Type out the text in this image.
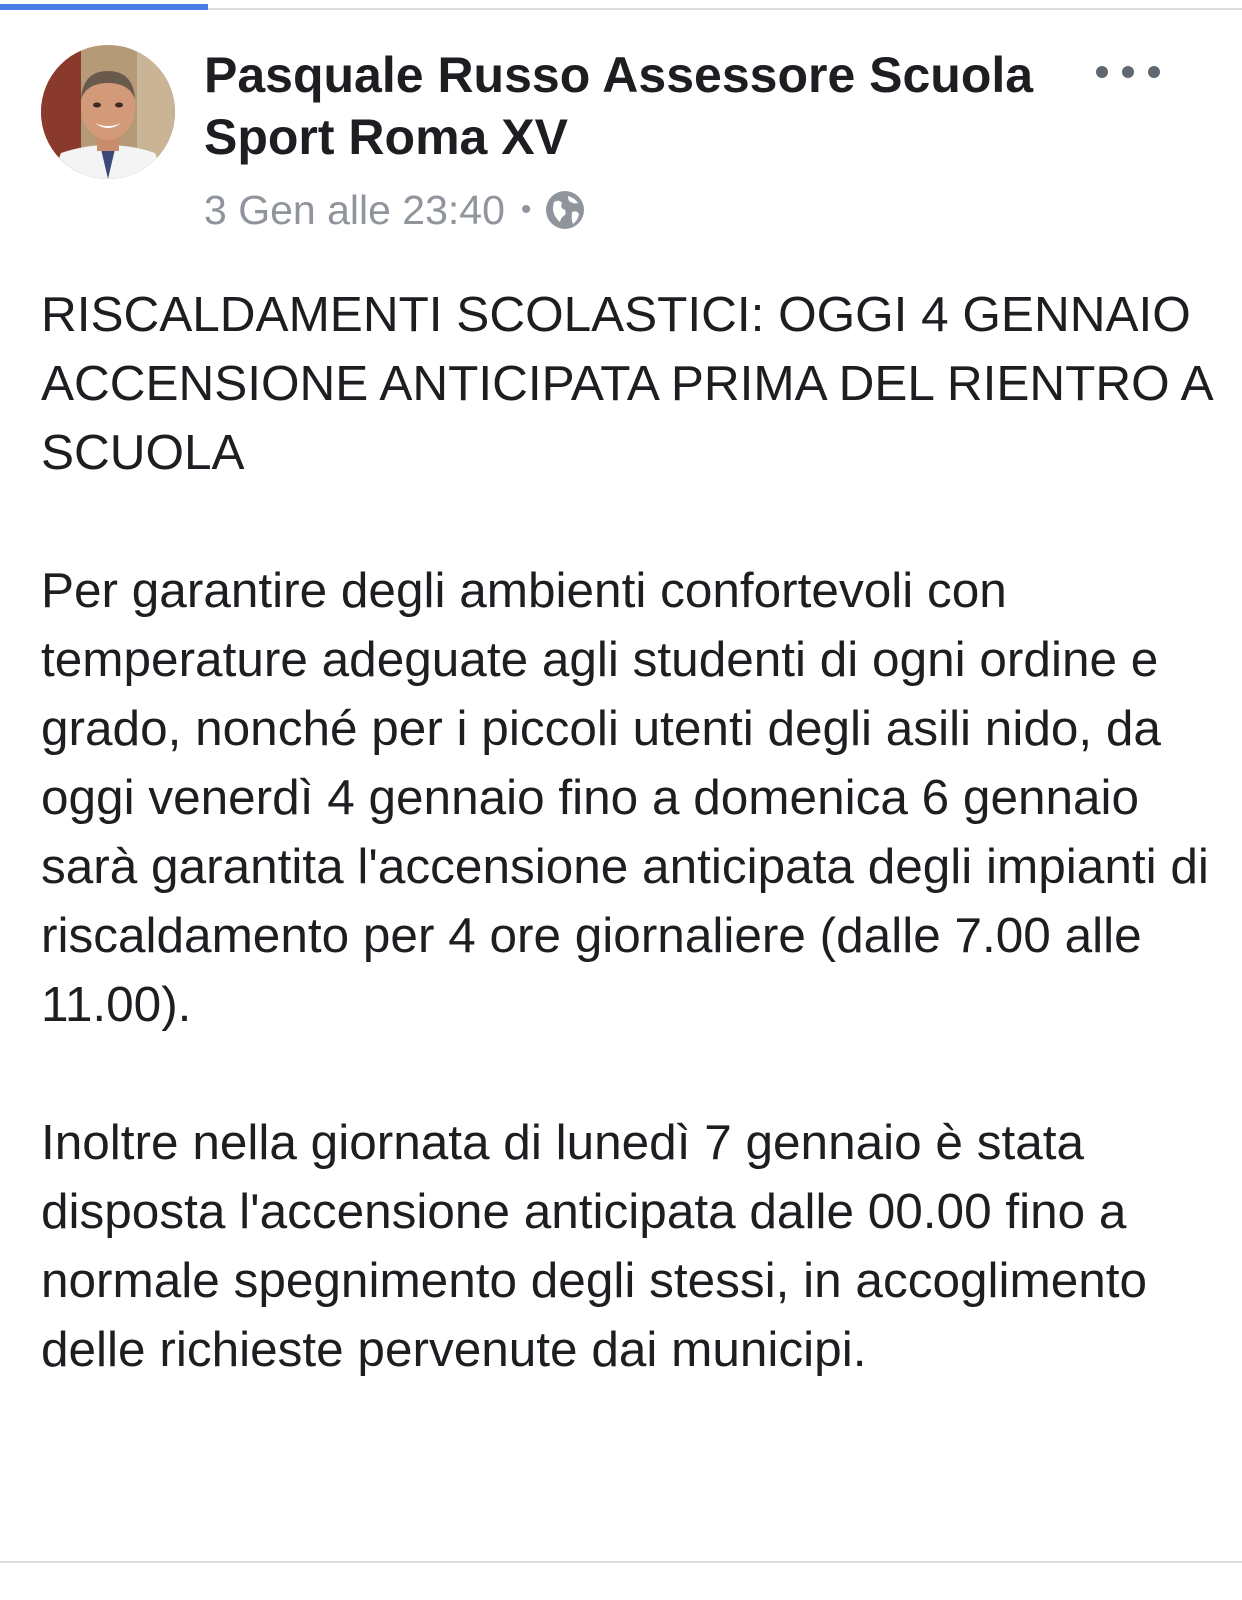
Pasquale Russo Assessore Scuola Sport Roma XV
3 Gen alle 23:40 •

RISCALDAMENTI SCOLASTICI: OGGI 4 GENNAIO ACCENSIONE ANTICIPATA PRIMA DEL RIENTRO A SCUOLA

Per garantire degli ambienti confortevoli con temperature adeguate agli studenti di ogni ordine e grado, nonché per i piccoli utenti degli asili nido, da oggi venerdì 4 gennaio fino a domenica 6 gennaio sarà garantita l'accensione anticipata degli impianti di riscaldamento per 4 ore giornaliere (dalle 7.00 alle 11.00).

Inoltre nella giornata di lunedì 7 gennaio è stata disposta l'accensione anticipata dalle 00.00 fino a normale spegnimento degli stessi, in accoglimento delle richieste pervenute dai municipi.
